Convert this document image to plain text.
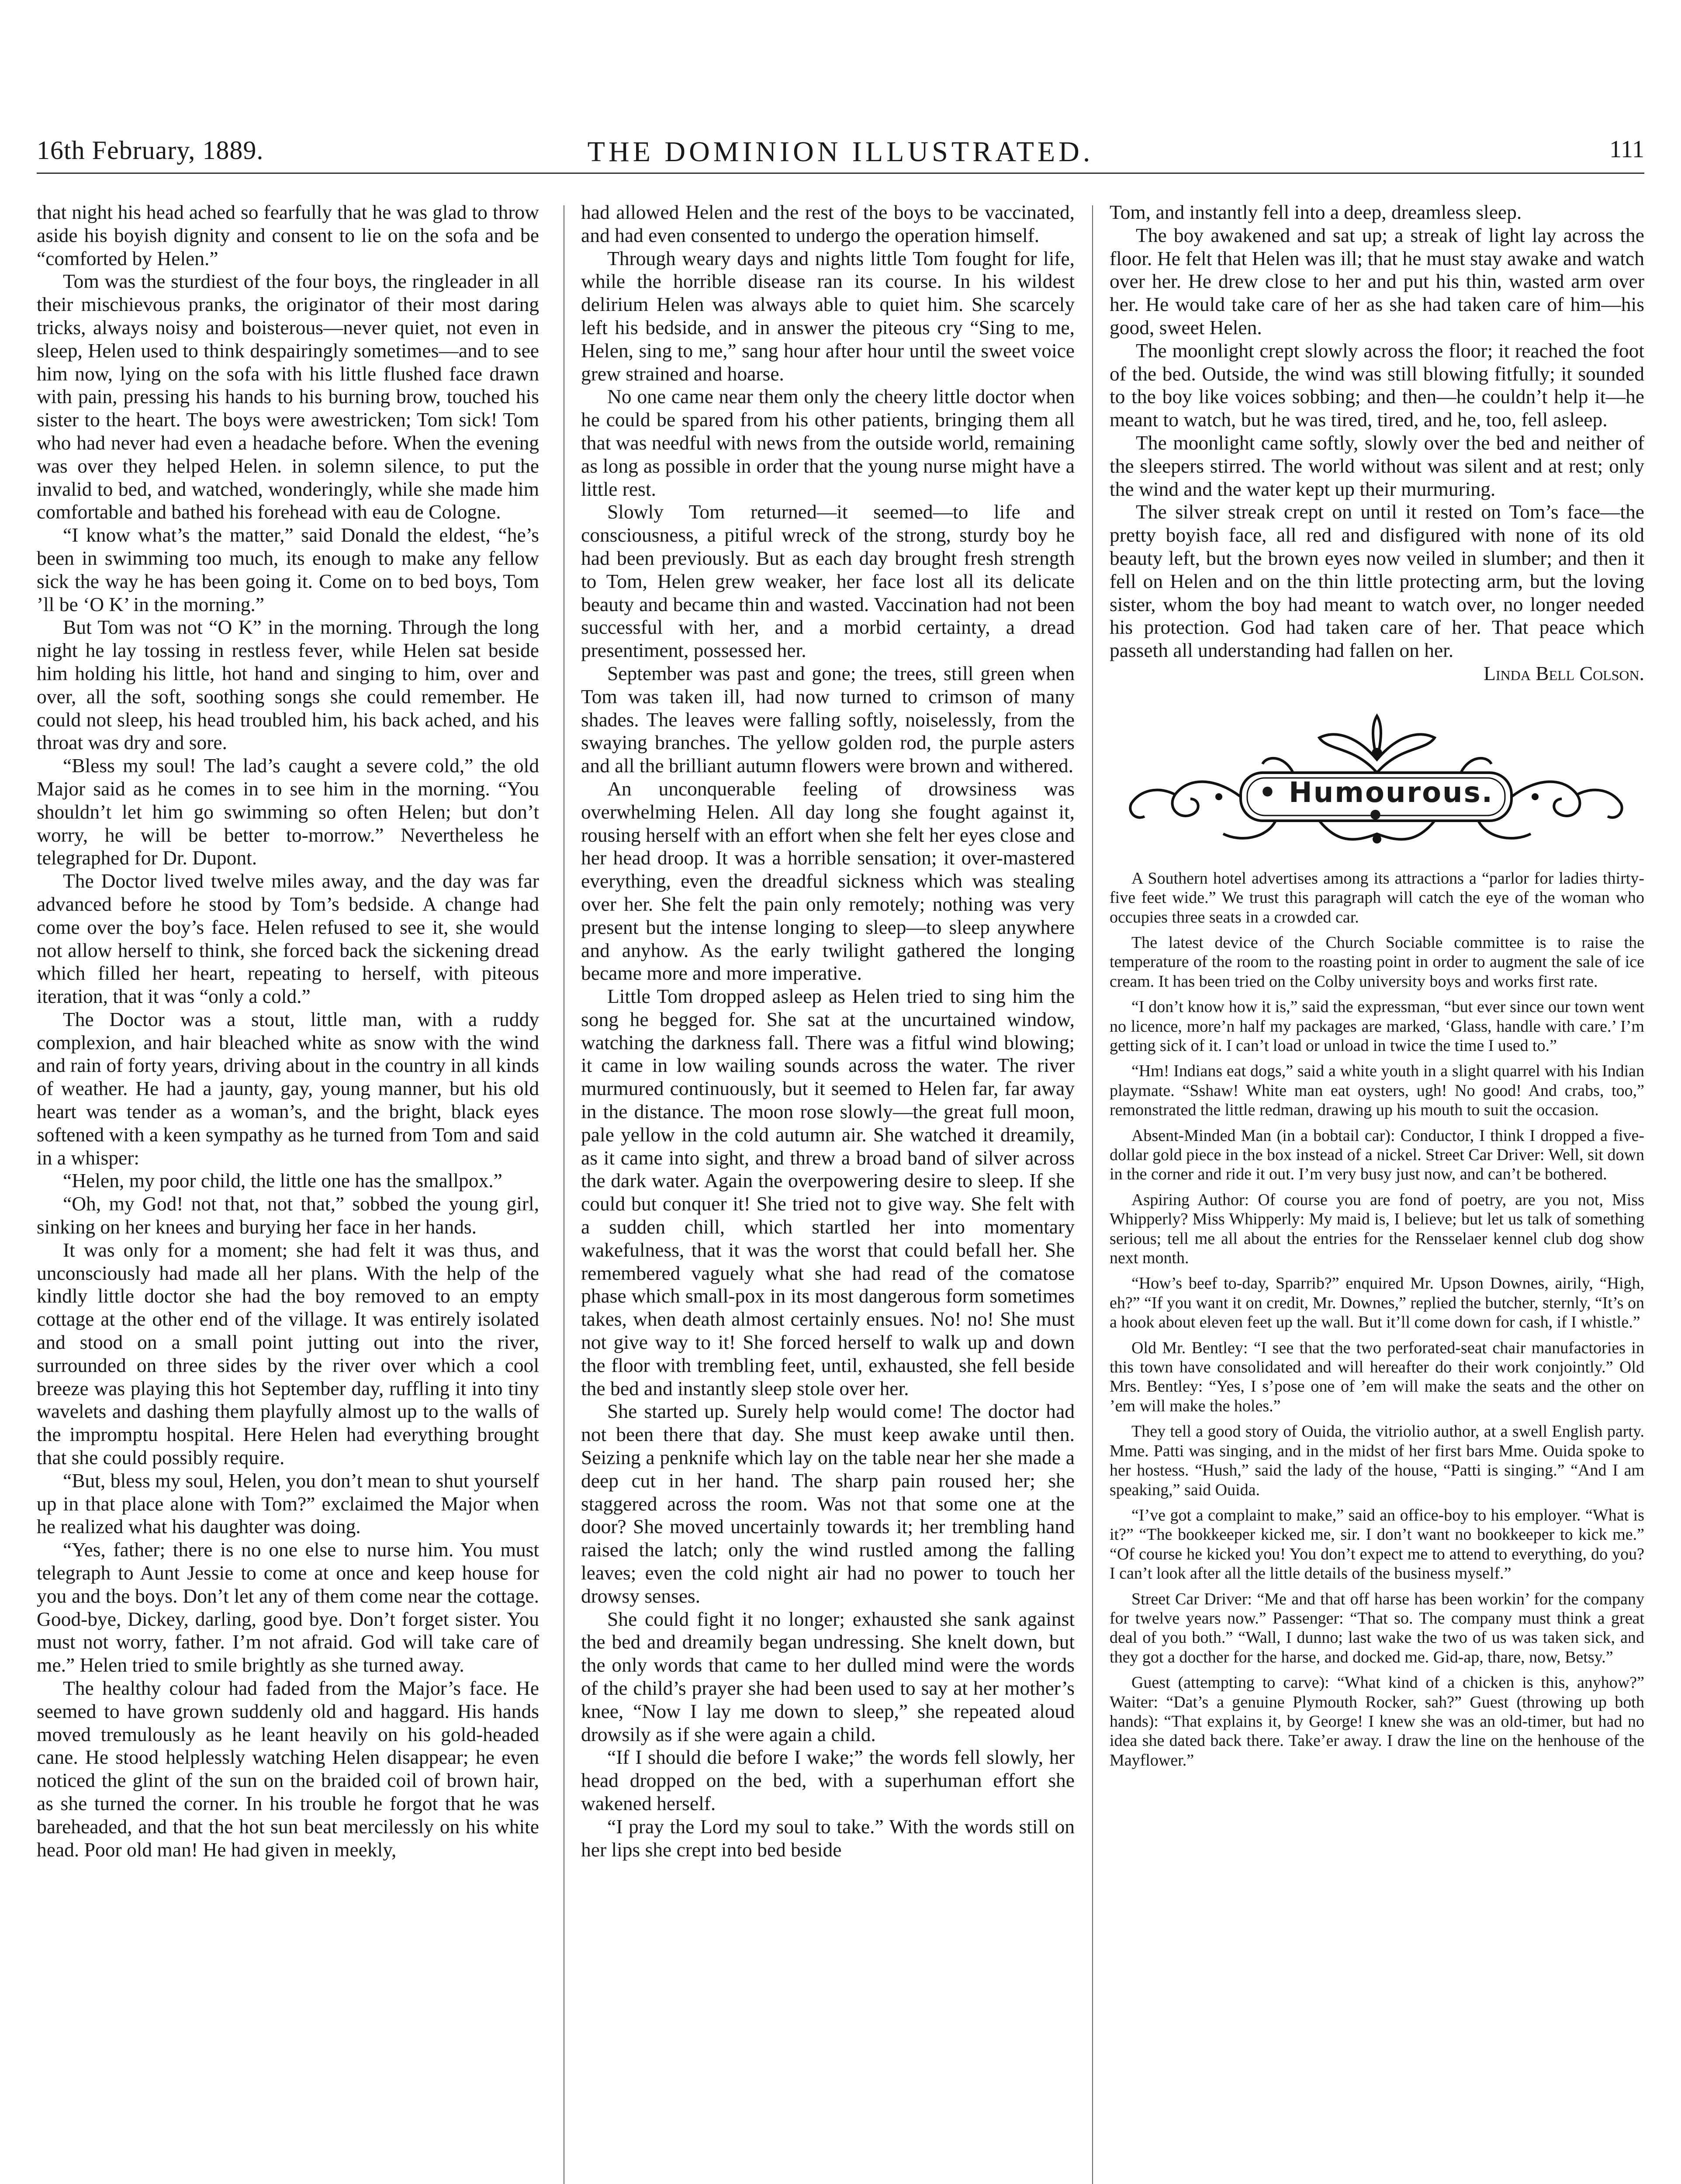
16th February, 1889.	THE DOMINION ILLUSTRATED.	111

that night his head ached so fearfully that he was glad to throw aside his boyish dignity and consent to lie on the sofa and be “comforted by Helen.”

Tom was the sturdiest of the four boys, the ringleader in all their mischievous pranks, the originator of their most daring tricks, always noisy and boisterous—never quiet, not even in sleep, Helen used to think despairingly sometimes—and to see him now, lying on the sofa with his little flushed face drawn with pain, pressing his hands to his burning brow, touched his sister to the heart. The boys were awestricken; Tom sick! Tom who had never had even a headache before. When the evening was over they helped Helen. in solemn silence, to put the invalid to bed, and watched, wonderingly, while she made him comfortable and bathed his forehead with eau de Cologne.

“I know what’s the matter,” said Donald the eldest, “he’s been in swimming too much, its enough to make any fellow sick the way he has been going it. Come on to bed boys, Tom ’ll be ‘O K’ in the morning.”

But Tom was not “O K” in the morning. Through the long night he lay tossing in restless fever, while Helen sat beside him holding his little, hot hand and singing to him, over and over, all the soft, soothing songs she could remember. He could not sleep, his head troubled him, his back ached, and his throat was dry and sore.

“Bless my soul! The lad’s caught a severe cold,” the old Major said as he comes in to see him in the morning. “You shouldn’t let him go swimming so often Helen; but don’t worry, he will be better to-morrow.” Nevertheless he telegraphed for Dr. Dupont.

The Doctor lived twelve miles away, and the day was far advanced before he stood by Tom’s bedside. A change had come over the boy’s face. Helen refused to see it, she would not allow herself to think, she forced back the sickening dread which filled her heart, repeating to herself, with piteous iteration, that it was “only a cold.”

The Doctor was a stout, little man, with a ruddy complexion, and hair bleached white as snow with the wind and rain of forty years, driving about in the country in all kinds of weather. He had a jaunty, gay, young manner, but his old heart was tender as a woman’s, and the bright, black eyes softened with a keen sympathy as he turned from Tom and said in a whisper:

“Helen, my poor child, the little one has the smallpox.”

“Oh, my God! not that, not that,” sobbed the young girl, sinking on her knees and burying her face in her hands.

It was only for a moment; she had felt it was thus, and unconsciously had made all her plans. With the help of the kindly little doctor she had the boy removed to an empty cottage at the other end of the village. It was entirely isolated and stood on a small point jutting out into the river, surrounded on three sides by the river over which a cool breeze was playing this hot September day, ruffling it into tiny wavelets and dashing them playfully almost up to the walls of the impromptu hospital. Here Helen had everything brought that she could possibly require.

“But, bless my soul, Helen, you don’t mean to shut yourself up in that place alone with Tom?” exclaimed the Major when he realized what his daughter was doing.

“Yes, father; there is no one else to nurse him. You must telegraph to Aunt Jessie to come at once and keep house for you and the boys. Don’t let any of them come near the cottage. Good-bye, Dickey, darling, good bye. Don’t forget sister. You must not worry, father. I’m not afraid. God will take care of me.” Helen tried to smile brightly as she turned away.

The healthy colour had faded from the Major’s face. He seemed to have grown suddenly old and haggard. His hands moved tremulously as he leant heavily on his gold-headed cane. He stood helplessly watching Helen disappear; he even noticed the glint of the sun on the braided coil of brown hair, as she turned the corner. In his trouble he forgot that he was bareheaded, and that the hot sun beat mercilessly on his white head. Poor old man! He had given in meekly,

had allowed Helen and the rest of the boys to be vaccinated, and had even consented to undergo the operation himself.

Through weary days and nights little Tom fought for life, while the horrible disease ran its course. In his wildest delirium Helen was always able to quiet him. She scarcely left his bedside, and in answer the piteous cry “Sing to me, Helen, sing to me,” sang hour after hour until the sweet voice grew strained and hoarse.

No one came near them only the cheery little doctor when he could be spared from his other patients, bringing them all that was needful with news from the outside world, remaining as long as possible in order that the young nurse might have a little rest.

Slowly Tom returned—it seemed—to life and consciousness, a pitiful wreck of the strong, sturdy boy he had been previously. But as each day brought fresh strength to Tom, Helen grew weaker, her face lost all its delicate beauty and became thin and wasted. Vaccination had not been successful with her, and a morbid certainty, a dread presentiment, possessed her.

September was past and gone; the trees, still green when Tom was taken ill, had now turned to crimson of many shades. The leaves were falling softly, noiselessly, from the swaying branches. The yellow golden rod, the purple asters and all the brilliant autumn flowers were brown and withered.

An unconquerable feeling of drowsiness was overwhelming Helen. All day long she fought against it, rousing herself with an effort when she felt her eyes close and her head droop. It was a horrible sensation; it over-mastered everything, even the dreadful sickness which was stealing over her. She felt the pain only remotely; nothing was very present but the intense longing to sleep—to sleep anywhere and anyhow. As the early twilight gathered the longing became more and more imperative.

Little Tom dropped asleep as Helen tried to sing him the song he begged for. She sat at the uncurtained window, watching the darkness fall. There was a fitful wind blowing; it came in low wailing sounds across the water. The river murmured continuously, but it seemed to Helen far, far away in the distance. The moon rose slowly—the great full moon, pale yellow in the cold autumn air. She watched it dreamily, as it came into sight, and threw a broad band of silver across the dark water. Again the overpowering desire to sleep. If she could but conquer it! She tried not to give way. She felt with a sudden chill, which startled her into momentary wakefulness, that it was the worst that could befall her. She remembered vaguely what she had read of the comatose phase which small-pox in its most dangerous form sometimes takes, when death almost certainly ensues. No! no! She must not give way to it! She forced herself to walk up and down the floor with trembling feet, until, exhausted, she fell beside the bed and instantly sleep stole over her.

She started up. Surely help would come! The doctor had not been there that day. She must keep awake until then. Seizing a penknife which lay on the table near her she made a deep cut in her hand. The sharp pain roused her; she staggered across the room. Was not that some one at the door? She moved uncertainly towards it; her trembling hand raised the latch; only the wind rustled among the falling leaves; even the cold night air had no power to touch her drowsy senses.

She could fight it no longer; exhausted she sank against the bed and dreamily began undressing. She knelt down, but the only words that came to her dulled mind were the words of the child’s prayer she had been used to say at her mother’s knee, “Now I lay me down to sleep,” she repeated aloud drowsily as if she were again a child.

“If I should die before I wake;” the words fell slowly, her head dropped on the bed, with a superhuman effort she wakened herself.

“I pray the Lord my soul to take.” With the words still on her lips she crept into bed beside

Tom, and instantly fell into a deep, dreamless sleep.

The boy awakened and sat up; a streak of light lay across the floor. He felt that Helen was ill; that he must stay awake and watch over her. He drew close to her and put his thin, wasted arm over her. He would take care of her as she had taken care of him—his good, sweet Helen.

The moonlight crept slowly across the floor; it reached the foot of the bed. Outside, the wind was still blowing fitfully; it sounded to the boy like voices sobbing; and then—he couldn’t help it—he meant to watch, but he was tired, tired, and he, too, fell asleep.

The moonlight came softly, slowly over the bed and neither of the sleepers stirred. The world without was silent and at rest; only the wind and the water kept up their murmuring.

The silver streak crept on until it rested on Tom’s face—the pretty boyish face, all red and disfigured with none of its old beauty left, but the brown eyes now veiled in slumber; and then it fell on Helen and on the thin little protecting arm, but the loving sister, whom the boy had meant to watch over, no longer needed his protection. God had taken care of her. That peace which passeth all understanding had fallen on her.

Linda Bell Colson.

• Humourous. •

A Southern hotel advertises among its attractions a “parlor for ladies thirty-five feet wide.” We trust this paragraph will catch the eye of the woman who occupies three seats in a crowded car.

The latest device of the Church Sociable committee is to raise the temperature of the room to the roasting point in order to augment the sale of ice cream. It has been tried on the Colby university boys and works first rate.

“I don’t know how it is,” said the expressman, “but ever since our town went no licence, more’n half my packages are marked, ‘Glass, handle with care.’ I’m getting sick of it. I can’t load or unload in twice the time I used to.”

“Hm! Indians eat dogs,” said a white youth in a slight quarrel with his Indian playmate. “Sshaw! White man eat oysters, ugh! No good! And crabs, too,” remonstrated the little redman, drawing up his mouth to suit the occasion.

Absent-Minded Man (in a bobtail car): Conductor, I think I dropped a five-dollar gold piece in the box instead of a nickel. Street Car Driver: Well, sit down in the corner and ride it out. I’m very busy just now, and can’t be bothered.

Aspiring Author: Of course you are fond of poetry, are you not, Miss Whipperly? Miss Whipperly: My maid is, I believe; but let us talk of something serious; tell me all about the entries for the Rensselaer kennel club dog show next month.

“How’s beef to-day, Sparrib?” enquired Mr. Upson Downes, airily, “High, eh?” “If you want it on credit, Mr. Downes,” replied the butcher, sternly, “It’s on a hook about eleven feet up the wall. But it’ll come down for cash, if I whistle.”

Old Mr. Bentley: “I see that the two perforated-seat chair manufactories in this town have consolidated and will hereafter do their work conjointly.” Old Mrs. Bentley: “Yes, I s’pose one of ’em will make the seats and the other on ’em will make the holes.”

They tell a good story of Ouida, the vitriolio author, at a swell English party. Mme. Patti was singing, and in the midst of her first bars Mme. Ouida spoke to her hostess. “Hush,” said the lady of the house, “Patti is singing.” “And I am speaking,” said Ouida.

“I’ve got a complaint to make,” said an office-boy to his employer. “What is it?” “The bookkeeper kicked me, sir. I don’t want no bookkeeper to kick me.” “Of course he kicked you! You don’t expect me to attend to everything, do you? I can’t look after all the little details of the business myself.”

Street Car Driver: “Me and that off harse has been workin’ for the company for twelve years now.” Passenger: “That so. The company must think a great deal of you both.” “Wall, I dunno; last wake the two of us was taken sick, and they got a docther for the harse, and docked me. Gid-ap, thare, now, Betsy.”

Guest (attempting to carve): “What kind of a chicken is this, anyhow?” Waiter: “Dat’s a genuine Plymouth Rocker, sah?” Guest (throwing up both hands): “That explains it, by George! I knew she was an old-timer, but had no idea she dated back there. Take’er away. I draw the line on the henhouse of the Mayflower.”
